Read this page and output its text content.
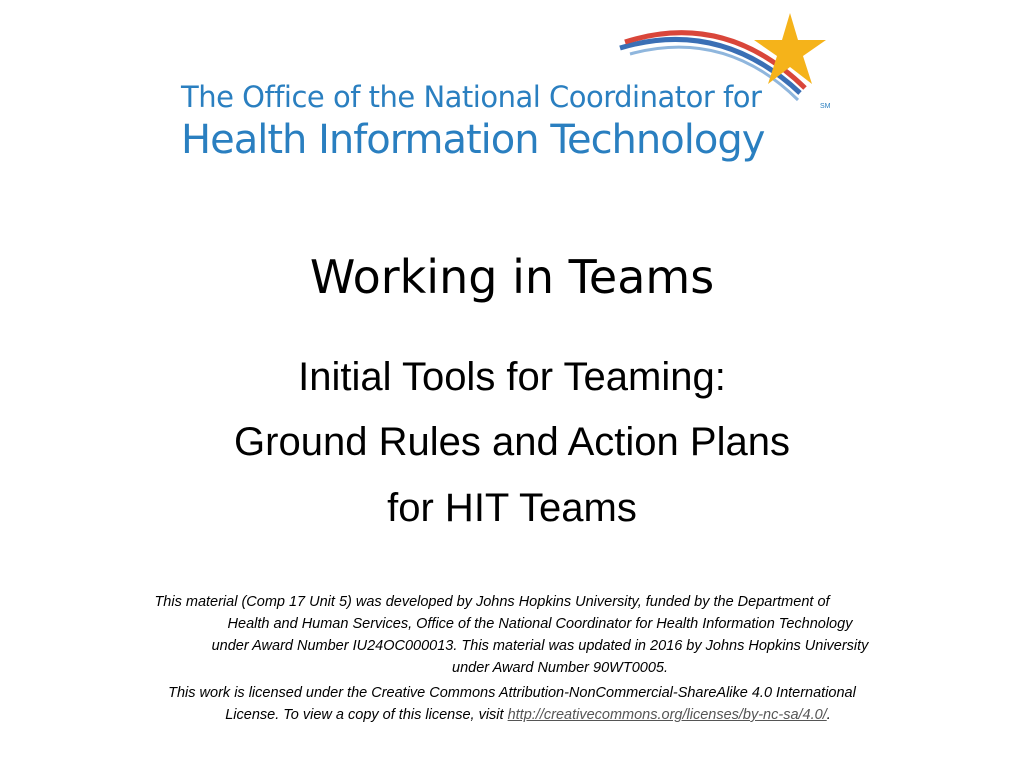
SM
The Office of the National Coordinator for
Health Information Technology
Working in Teams
Initial Tools for Teaming:
Ground Rules and Action Plans
for HIT Teams
This material (Comp 17 Unit 5) was developed by Johns Hopkins University, funded by the Department of
Health and Human Services, Office of the National Coordinator for Health Information Technology
under Award Number IU24OC000013. This material was updated in 2016 by Johns Hopkins University
under Award Number 90WT0005.
This work is licensed under the Creative Commons Attribution-NonCommercial-ShareAlike 4.0 International
License. To view a copy of this license, visit http://creativecommons.org/licenses/by-nc-sa/4.0/.
